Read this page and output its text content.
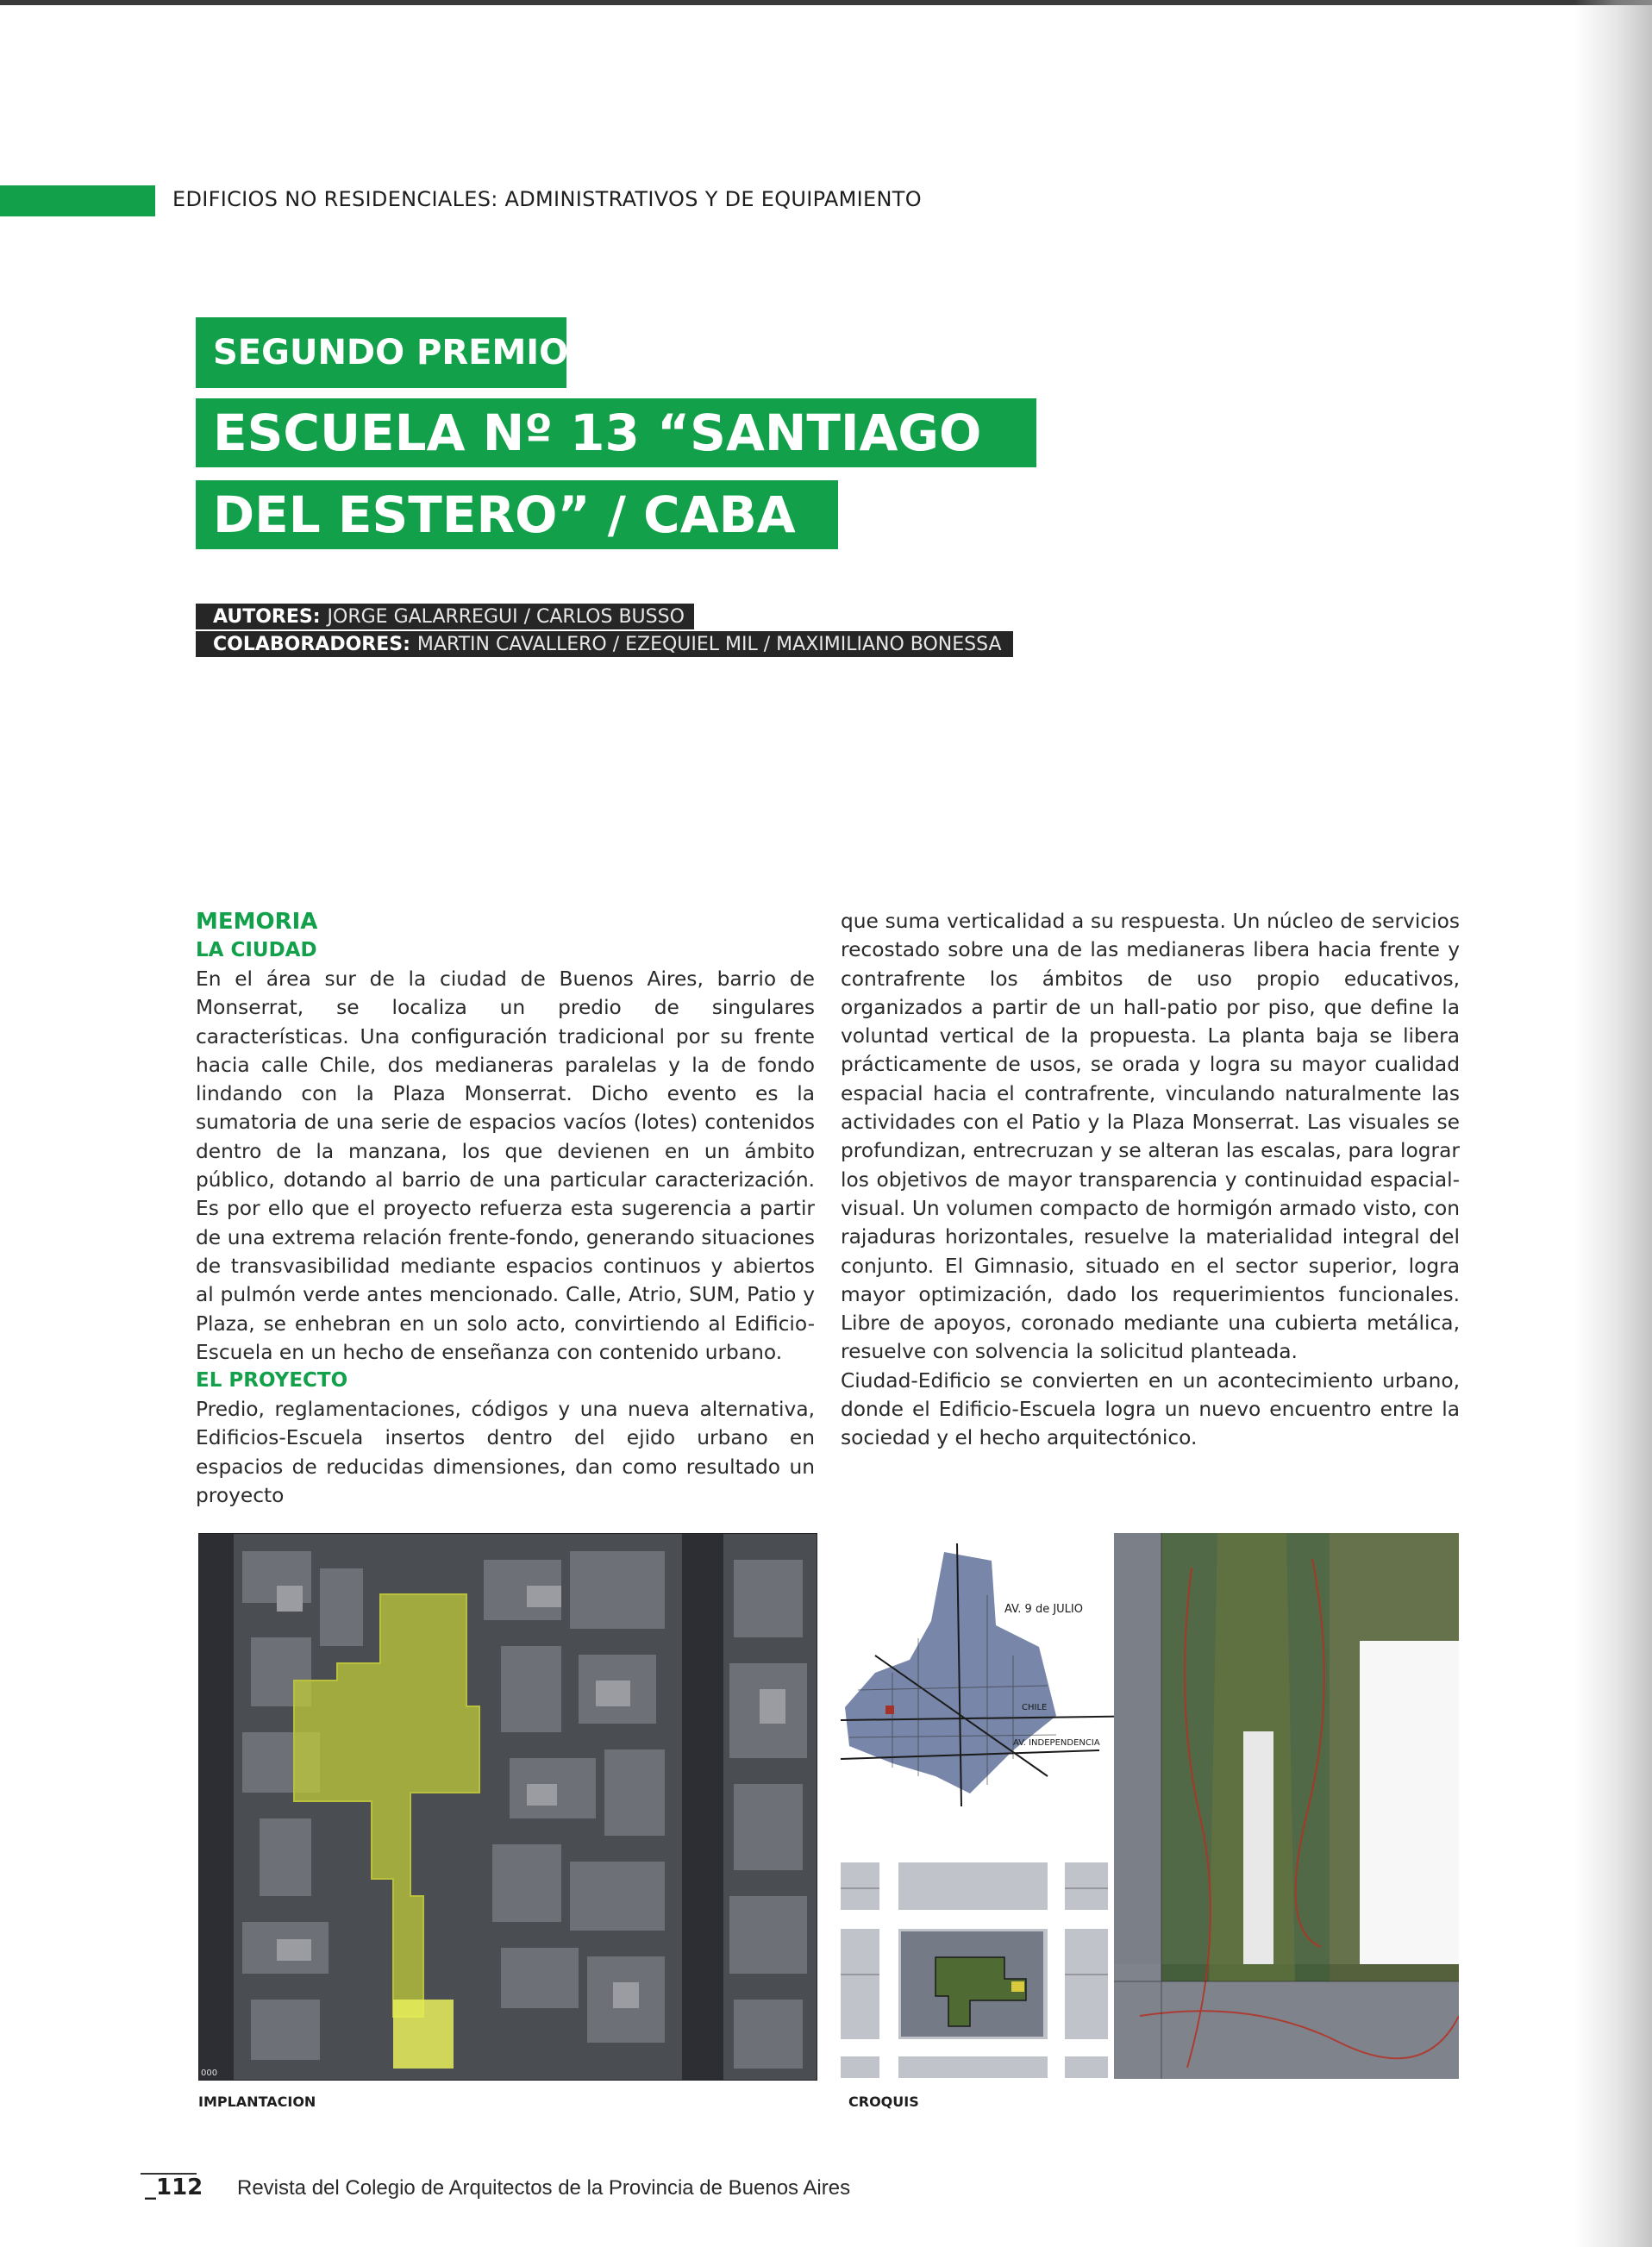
EDIFICIOS NO RESIDENCIALES: ADMINISTRATIVOS Y DE EQUIPAMIENTO
SEGUNDO PREMIO
ESCUELA Nº 13 “SANTIAGO
DEL ESTERO” / CABA
AUTORES: JORGE GALARREGUI / CARLOS BUSSO
COLABORADORES: MARTIN CAVALLERO / EZEQUIEL MIL / MAXIMILIANO BONESSA
MEMORIA
LA CIUDAD

En el área sur de la ciudad de Buenos Aires, barrio de Monserrat, se localiza un predio de singulares características. Una configuración tradicional por su frente hacia calle Chile, dos medianeras paralelas y la de fondo lindando con la Plaza Monserrat. Dicho evento es la sumatoria de una serie de espacios vacíos (lotes) contenidos dentro de la manzana, los que devienen en un ámbito público, dotando al barrio de una particular caracterización. Es por ello que el proyecto refuerza esta sugerencia a partir de una extrema relación frente-fondo, generando situaciones de transvasibilidad mediante espacios continuos y abiertos al pulmón verde antes mencionado. Calle, Atrio, SUM, Patio y Plaza, se enhebran en un solo acto, convirtiendo al Edificio-Escuela en un hecho de enseñanza con contenido urbano.

EL PROYECTO

Predio, reglamentaciones, códigos y una nueva alternativa, Edificios-Escuela insertos dentro del ejido urbano en espacios de reducidas dimensiones, dan como resultado un proyecto

que suma verticalidad a su respuesta. Un núcleo de servicios recostado sobre una de las medianeras libera hacia frente y contrafrente los ámbitos de uso propio educativos, organizados a partir de un hall-patio por piso, que define la voluntad vertical de la propuesta. La planta baja se libera prácticamente de usos, se orada y logra su mayor cualidad espacial hacia el contrafrente, vinculando naturalmente las actividades con el Patio y la Plaza Monserrat. Las visuales se profundizan, entrecruzan y se alteran las escalas, para lograr los objetivos de mayor transparencia y continuidad espacial-visual. Un volumen compacto de hormigón armado visto, con rajaduras horizontales, resuelve la materialidad integral del conjunto. El Gimnasio, situado en el sector superior, logra mayor optimización, dado los requerimientos funcionales. Libre de apoyos, coronado mediante una cubierta metálica, resuelve con solvencia la solicitud planteada.

Ciudad-Edificio se convierten en un acontecimiento urbano, donde el Edificio-Escuela logra un nuevo encuentro entre la sociedad y el hecho arquitectónico.

000
AV. 9 de JULIO
CHILE
AV. INDEPENDENCIA
IMPLANTACION	CROQUIS
_112 Revista del Colegio de Arquitectos de la Provincia de Buenos Aires
